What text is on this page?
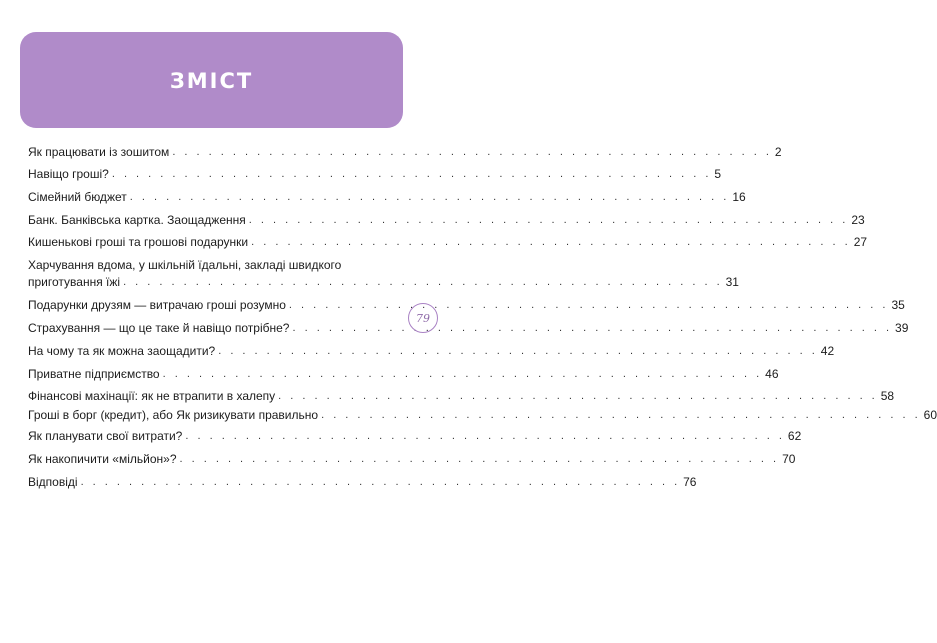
ЗМІСТ
Як працювати із зошитом . . . . . . . . . . . . . . . . . . . . . . . . . . . . . . . . . . . . . . . . . . . . . . . . . . 2
Навіщо гроші? . . . . . . . . . . . . . . . . . . . . . . . . . . . . . . . . . . . . . . . . . . . . . . . . . . 5
Сімейний бюджет . . . . . . . . . . . . . . . . . . . . . . . . . . . . . . . . . . . . . . . . . . . . . . . . . . 16
Банк. Банківська картка. Заощадження . . . . . . . . . . . . . . . . . . . . . . . . . . . . . . . . . . . . . . . . . . . . . . . . . . 23
Кишенькові гроші та грошові подарунки . . . . . . . . . . . . . . . . . . . . . . . . . . . . . . . . . . . . . . . . . . . . . . . . . . 27
Харчування вдома, у шкільній їдальні, закладі швидкого
приготування їжі . . . . . . . . . . . . . . . . . . . . . . . . . . . . . . . . . . . . . . . . . . . . . . . . . . 31
Подарунки друзям — витрачаю гроші розумно . . . . . . . . . . . . . . . . . . . . . . . . . . . . . . . . . . . . . . . . . . . . . . . . . . 35
Страхування — що це таке й навіщо потрібне? . . . . . . . . . . . . . . . . . . . . . . . . . . . . . . . . . . . . . . . . . . . . . . . . . . 39
На чому та як можна заощадити? . . . . . . . . . . . . . . . . . . . . . . . . . . . . . . . . . . . . . . . . . . . . . . . . . . 42
Приватне підприємство . . . . . . . . . . . . . . . . . . . . . . . . . . . . . . . . . . . . . . . . . . . . . . . . . . 46
Фінансові махінації: як не втрапити в халепу . . . . . . . . . . . . . . . . . . . . . . . . . . . . . . . . . . . . . . . . . . . . . . . . . . 58
Гроші в борг (кредит), або Як ризикувати правильно . . . . . . . . . . . . . . . . . . . . . . . . . . . . . . . . . . . . . . . . . . . . . . . . . . 60
Як планувати свої витрати? . . . . . . . . . . . . . . . . . . . . . . . . . . . . . . . . . . . . . . . . . . . . . . . . . . 62
Як накопичити «мільйон»? . . . . . . . . . . . . . . . . . . . . . . . . . . . . . . . . . . . . . . . . . . . . . . . . . . 70
Відповіді . . . . . . . . . . . . . . . . . . . . . . . . . . . . . . . . . . . . . . . . . . . . . . . . . . 76
79
